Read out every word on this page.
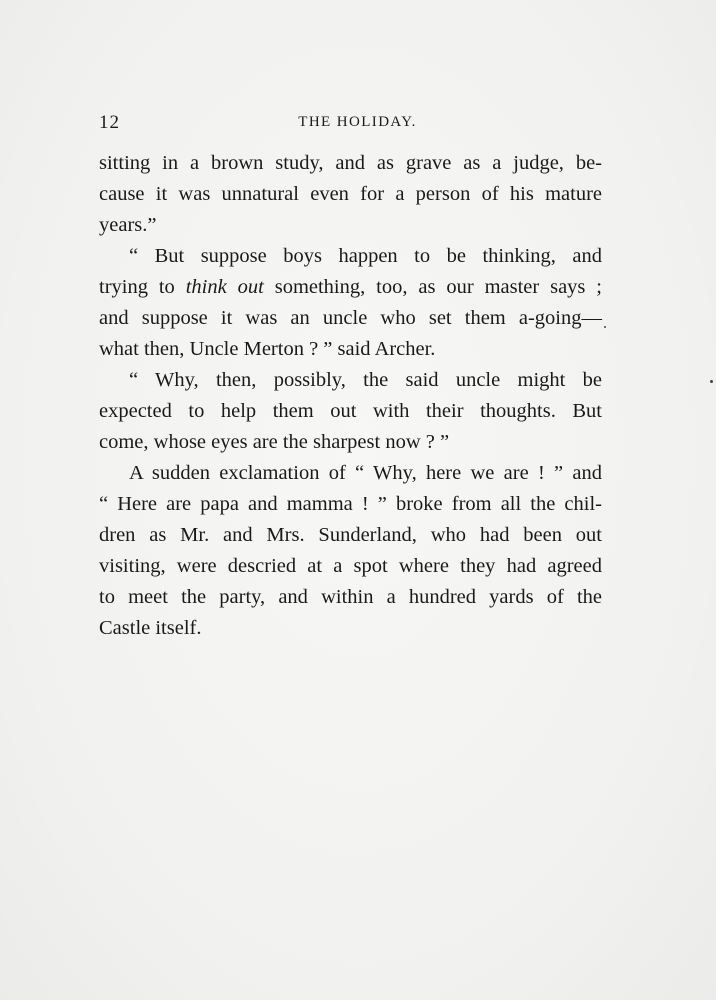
12	THE HOLIDAY.
sitting in a brown study, and as grave as a judge, be-
cause it was unnatural even for a person of his mature
years.”
“ But suppose boys happen to be thinking, and
trying to think out something, too, as our master says ;
and suppose it was an uncle who set them a-going—
what then, Uncle Merton ? ” said Archer.
“ Why, then, possibly, the said uncle might be
expected to help them out with their thoughts. But
come, whose eyes are the sharpest now ? ”
A sudden exclamation of “ Why, here we are ! ” and
“ Here are papa and mamma ! ” broke from all the chil-
dren as Mr. and Mrs. Sunderland, who had been out
visiting, were descried at a spot where they had agreed
to meet the party, and within a hundred yards of the
Castle itself.
